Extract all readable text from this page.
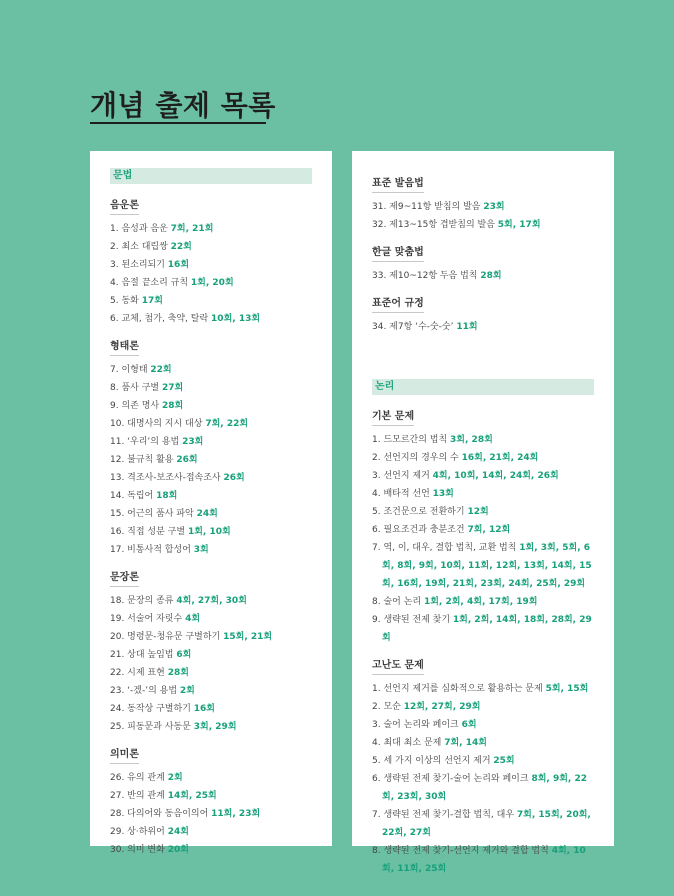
개념 출제 목록
문법
음운론
1. 음성과 음운 7회, 21회
2. 최소 대립쌍 22회
3. 된소리되기 16회
4. 음절 끝소리 규칙 1회, 20회
5. 동화 17회
6. 교체, 첨가, 축약, 탈락 10회, 13회
형태론
7. 이형태 22회
8. 품사 구별 27회
9. 의존 명사 28회
10. 대명사의 지시 대상 7회, 22회
11. ‘우리’의 용법 23회
12. 불규칙 활용 26회
13. 격조사-보조사-접속조사 26회
14. 독립어 18회
15. 어근의 품사 파악 24회
16. 직접 성분 구별 1회, 10회
17. 비통사적 합성어 3회
문장론
18. 문장의 종류 4회, 27회, 30회
19. 서술어 자릿수 4회
20. 명령문-청유문 구별하기 15회, 21회
21. 상대 높임법 6회
22. 시제 표현 28회
23. ‘-겠-’의 용법 2회
24. 동작상 구별하기 16회
25. 피동문과 사동문 3회, 29회
의미론
26. 유의 관계 2회
27. 반의 관계 14회, 25회
28. 다의어와 동음이의어 11회, 23회
29. 상·하위어 24회
30. 의미 변화 20회
표준 발음법
31. 제9~11항 받침의 발음 23회
32. 제13~15항 겹받침의 발음 5회, 17회
한글 맞춤법
33. 제10~12항 두음 법칙 28회
표준어 규정
34. 제7항 ‘수-숫-숫’ 11회
논리
기본 문제
1. 드모르간의 법칙 3회, 28회
2. 선언지의 경우의 수 16회, 21회, 24회
3. 선언지 제거 4회, 10회, 14회, 24회, 26회
4. 배타적 선언 13회
5. 조건문으로 전환하기 12회
6. 필요조건과 충분조건 7회, 12회
7. 역, 이, 대우, 결합 법칙, 교환 법칙 1회, 3회, 5회, 6회, 8회, 9회, 10회, 11회, 12회, 13회, 14회, 15회, 16회, 19회, 21회, 23회, 24회, 25회, 29회
8. 술어 논리 1회, 2회, 4회, 17회, 19회
9. 생략된 전제 찾기 1회, 2회, 14회, 18회, 28회, 29회
고난도 문제
1. 선언지 제거를 심화적으로 활용하는 문제 5회, 15회
2. 모순 12회, 27회, 29회
3. 술어 논리와 페이크 6회
4. 최대 최소 문제 7회, 14회
5. 세 가지 이상의 선언지 제거 25회
6. 생략된 전제 찾기-술어 논리와 페이크 8회, 9회, 22회, 23회, 30회
7. 생략된 전제 찾기-결합 법칙, 대우 7회, 15회, 20회, 22회, 27회
8. 생략된 전제 찾기-선언지 제거와 결합 법칙 4회, 10회, 11회, 25회
